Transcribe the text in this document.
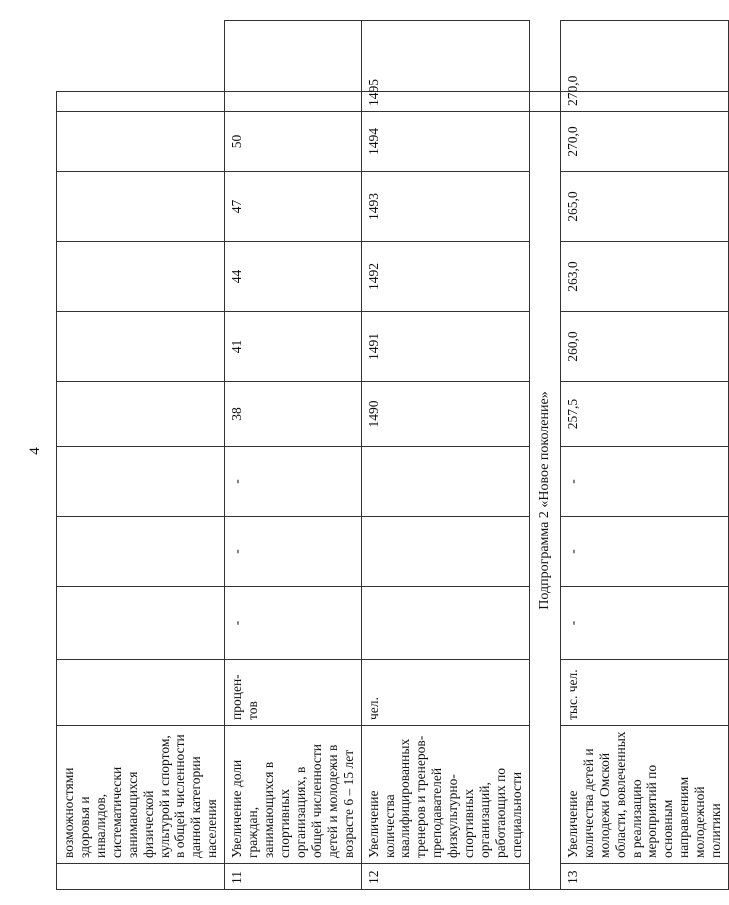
4
	возможностями здоровья и инвалидов, систематически занимающихся физической культурой и спортом, в общей численности данной категории населения											
11	Увеличение доли граждан, занимающихся в спортивных организациях, в общей численности детей и молодежи в возрасте 6 – 15 лет	процен-тов	-	-	-	38	41	44	47	50		
12	Увеличение количества квалифицированных тренеров и тренеров-преподавателей физкультурно-спортивных организаций, работающих по специальности	чел.				1490	1491	1492	1493	1494	1495	
Подпрограмма 2 «Новое поколение»												
13	Увеличение количества детей и молодежи Омской области, вовлеченных в реализацию мероприятий по основным направлениям молодежной политики	тыс. чел.	-	-	-	257,5	260,0	263,0	265,0	270,0	270,0	
